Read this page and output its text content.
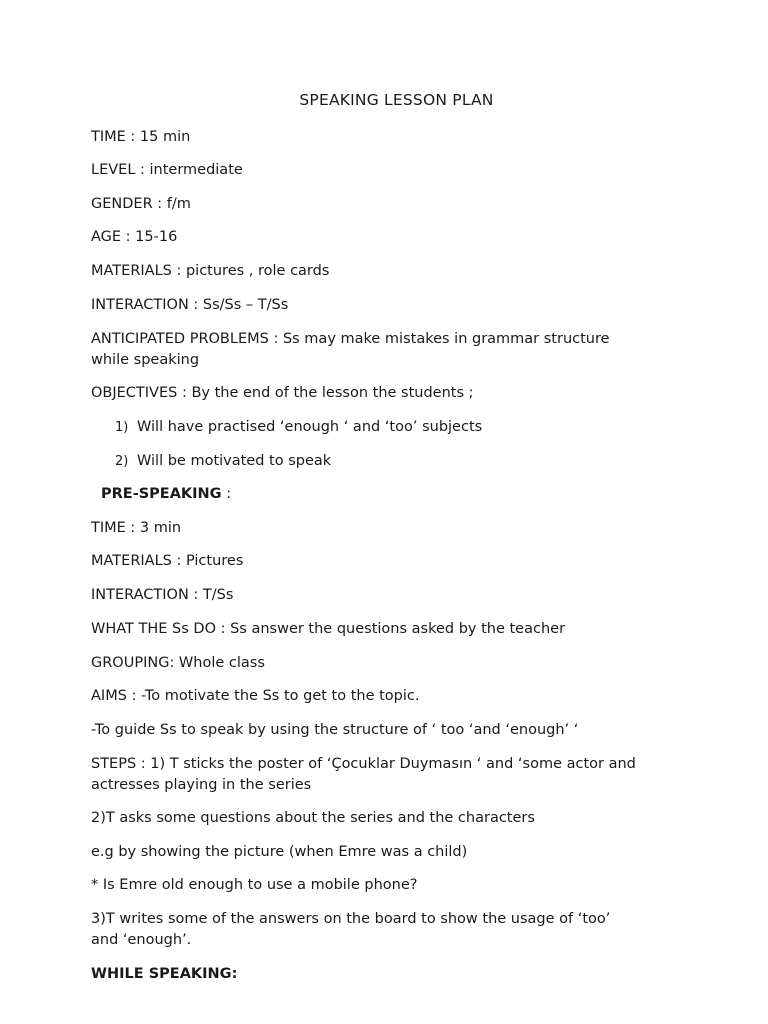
SPEAKING LESSON PLAN
TIME : 15 min
LEVEL : intermediate
GENDER : f/m
AGE : 15-16
MATERIALS : pictures , role cards
INTERACTION : Ss/Ss – T/Ss
ANTICIPATED PROBLEMS : Ss may make mistakes in grammar structure
while speaking
OBJECTIVES : By the end of the lesson the students ;
1) Will have practised ‘enough ‘ and ‘too’ subjects
2) Will be motivated to speak
PRE-SPEAKING :
TIME : 3 min
MATERIALS : Pictures
INTERACTION : T/Ss
WHAT THE Ss DO : Ss answer the questions asked by the teacher
GROUPING: Whole class
AIMS : -To motivate the Ss to get to the topic.
-To guide Ss to speak by using the structure of ‘ too ‘and ‘enough’ ‘
STEPS : 1) T sticks the poster of ‘Çocuklar Duymasın ‘ and ‘some actor and
actresses playing in the series
2)T asks some questions about the series and the characters
e.g by showing the picture (when Emre was a child)
* Is Emre old enough to use a mobile phone?
3)T writes some of the answers on the board to show the usage of ‘too’
and ‘enough’.
WHILE SPEAKING:
